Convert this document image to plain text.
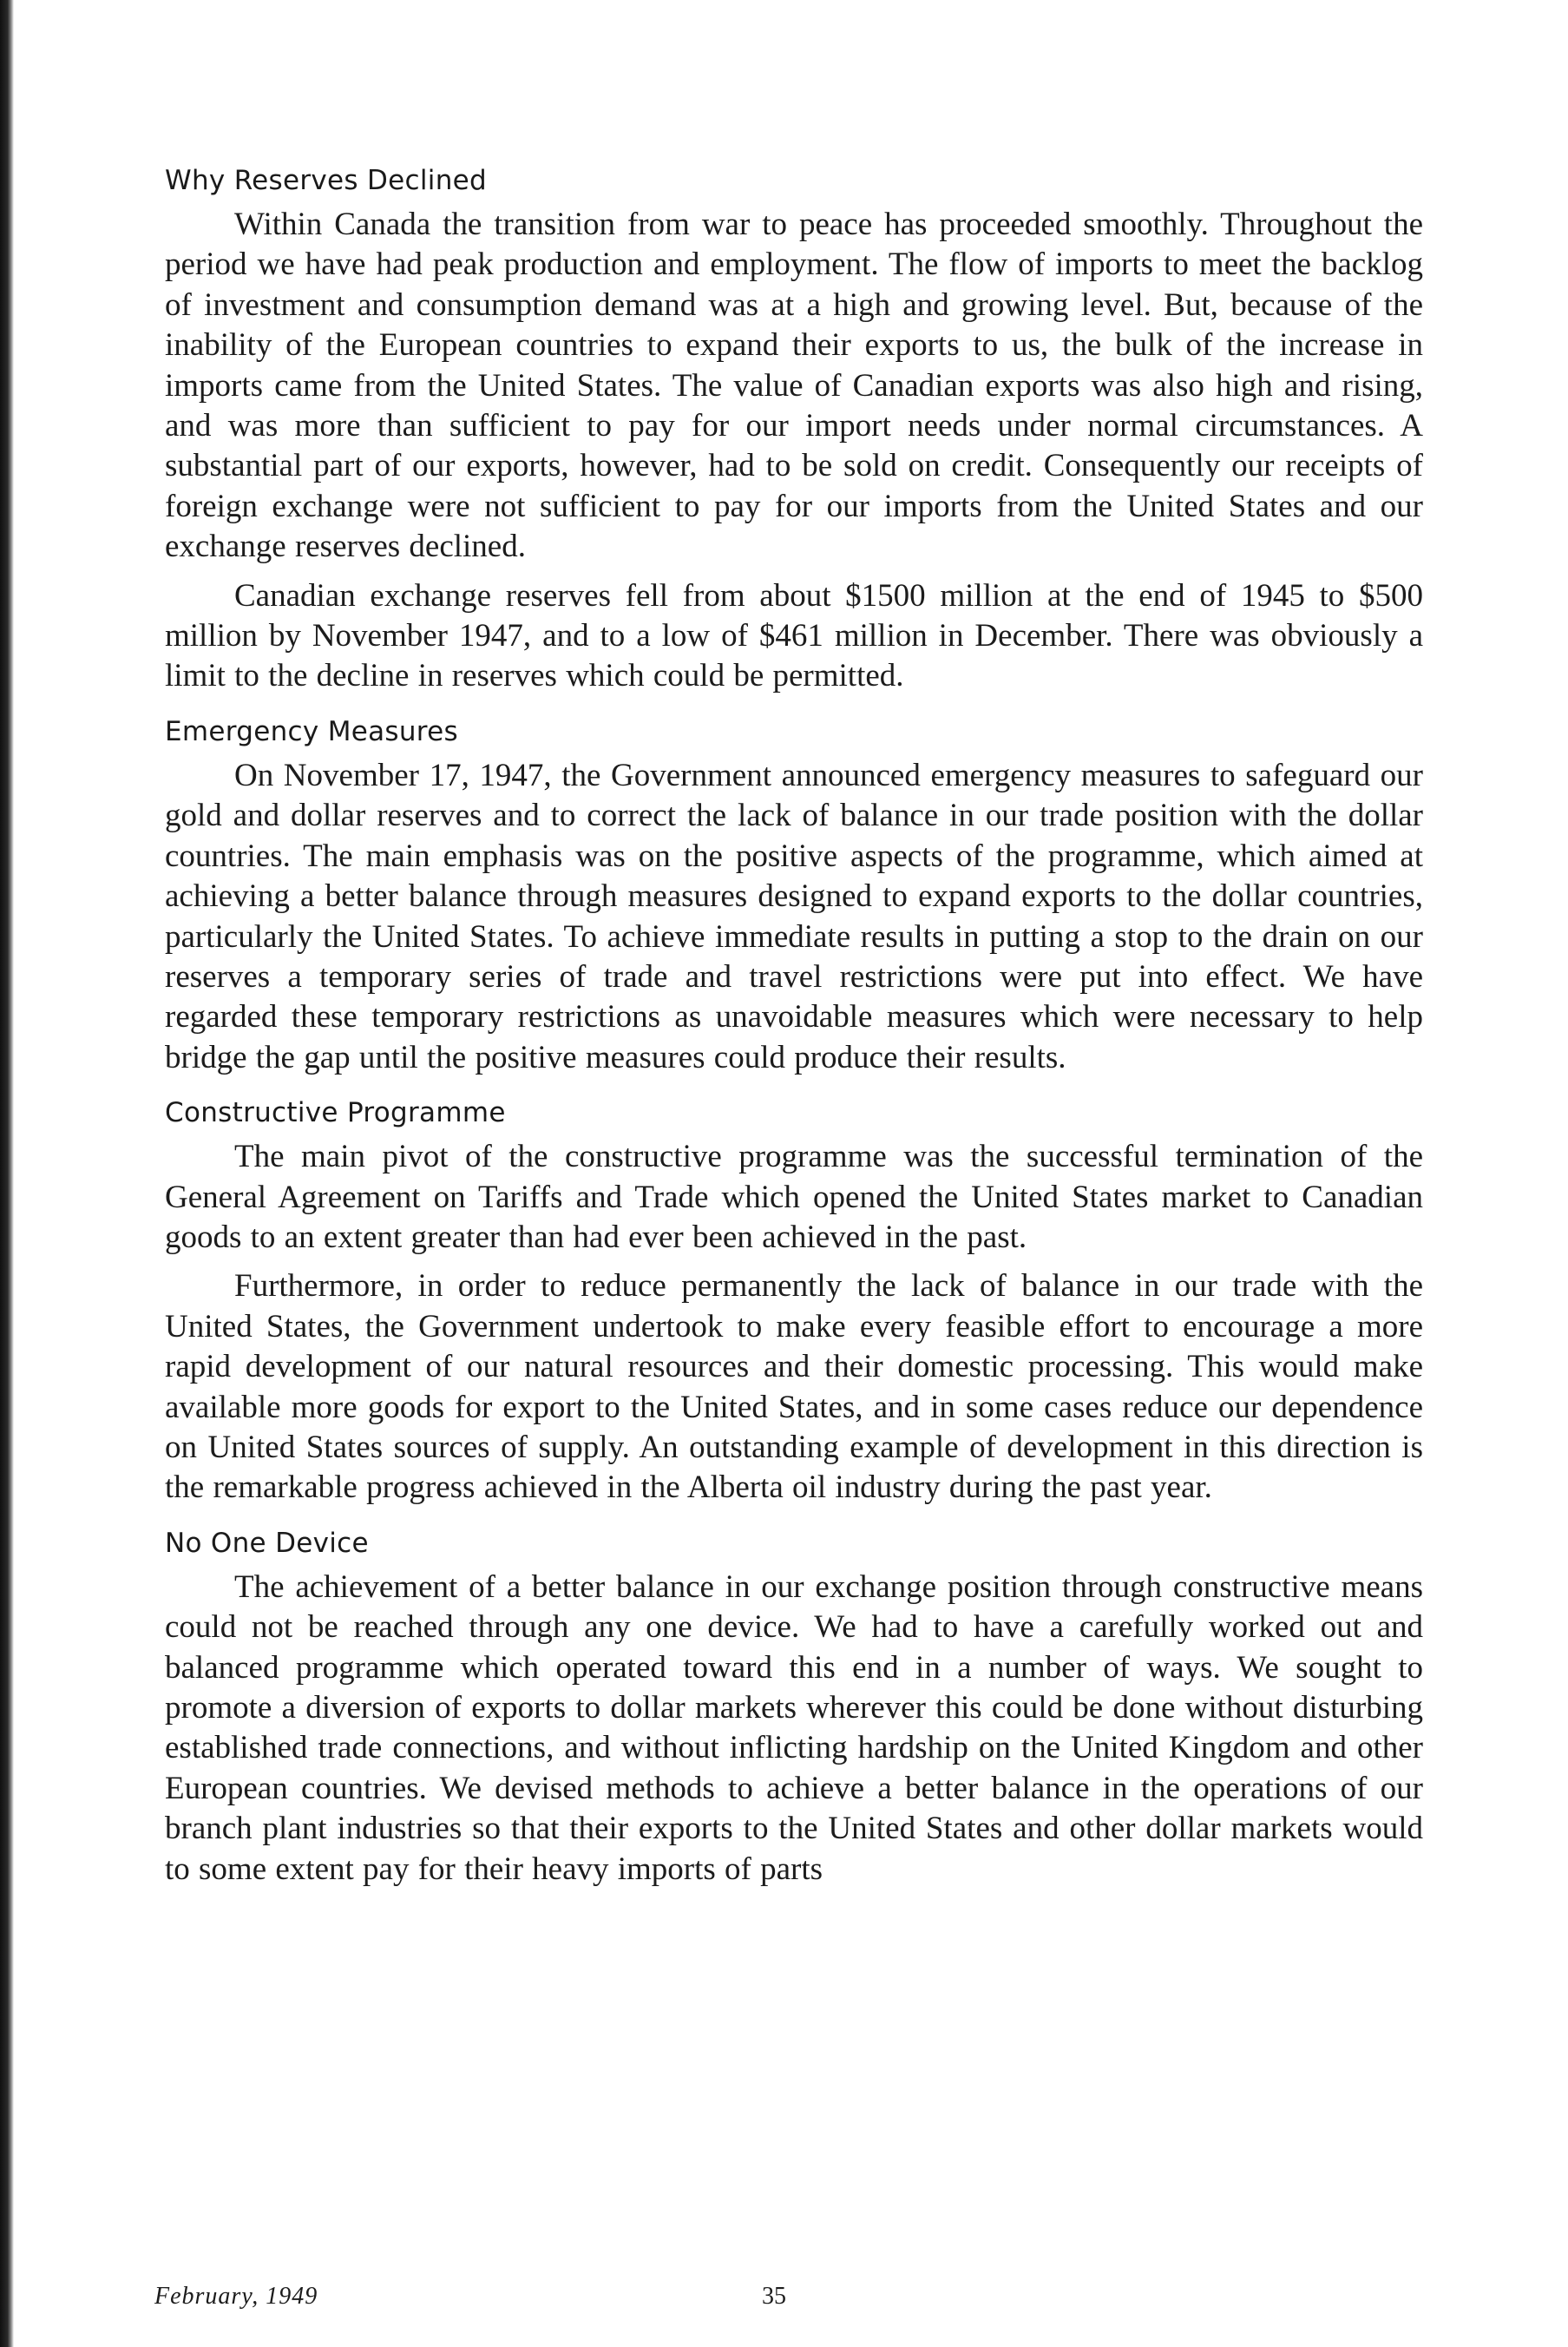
Why Reserves Declined

Within Canada the transition from war to peace has proceeded smoothly. Throughout the period we have had peak production and employment. The flow of imports to meet the backlog of investment and consumption demand was at a high and growing level. But, because of the inability of the European countries to expand their exports to us, the bulk of the increase in imports came from the United States. The value of Canadian exports was also high and rising, and was more than sufficient to pay for our import needs under normal circumstances. A substantial part of our exports, however, had to be sold on credit. Consequently our receipts of foreign exchange were not sufficient to pay for our imports from the United States and our exchange reserves declined.

Canadian exchange reserves fell from about $1500 million at the end of 1945 to $500 million by November 1947, and to a low of $461 million in December. There was obviously a limit to the decline in reserves which could be permitted.

Emergency Measures

On November 17, 1947, the Government announced emergency measures to safeguard our gold and dollar reserves and to correct the lack of balance in our trade position with the dollar countries. The main emphasis was on the positive aspects of the programme, which aimed at achieving a better balance through measures designed to expand exports to the dollar countries, particularly the United States. To achieve immediate results in putting a stop to the drain on our reserves a temporary series of trade and travel restrictions were put into effect. We have regarded these temporary restrictions as unavoidable measures which were necessary to help bridge the gap until the positive measures could produce their results.

Constructive Programme

The main pivot of the constructive programme was the successful termination of the General Agreement on Tariffs and Trade which opened the United States market to Canadian goods to an extent greater than had ever been achieved in the past.

Furthermore, in order to reduce permanently the lack of balance in our trade with the United States, the Government undertook to make every feasible effort to encourage a more rapid development of our natural resources and their domestic processing. This would make available more goods for export to the United States, and in some cases reduce our dependence on United States sources of supply. An outstanding example of development in this direction is the remarkable progress achieved in the Alberta oil industry during the past year.

No One Device

The achievement of a better balance in our exchange position through constructive means could not be reached through any one device. We had to have a carefully worked out and balanced programme which operated toward this end in a number of ways. We sought to promote a diversion of exports to dollar markets wherever this could be done without disturbing established trade connections, and without inflicting hardship on the United Kingdom and other European countries. We devised methods to achieve a better balance in the operations of our branch plant industries so that their exports to the United States and other dollar markets would to some extent pay for their heavy imports of parts

February, 1949	35
